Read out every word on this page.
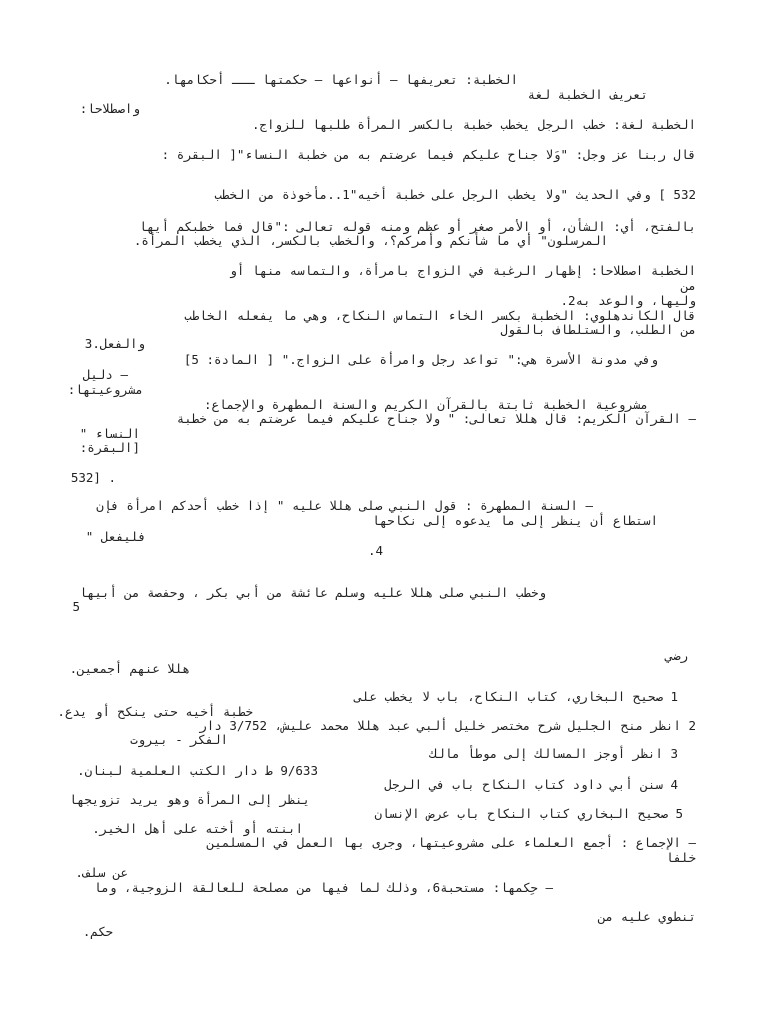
الخطبة: تعريفها – أنواعها – حكمتها ـــ أحكامها.
تعريف الخطبة لغة
واصطلاحا:
الخطبة لغة: خطب الرجل يخطب خطبة بالكسر المرأة طلبها للزواج.
قال ربنا عز وجل: "وَلا جناح عليكم فيما عرضتم به من خطبة النساء"[ البقرة :
532 ] وفي الحديث "ولا يخطب الرجل على خطبة أخيه"1..مأخوذة من الخطب
بالفتح، أي: الشأن، أو الأمر صغر أو عظم ومنه قوله تعالى :"قال فما خطبكم أيها
المرسلون" أي ما شأنكم وأمركم؟، والخطب بالكسر، الذي يخطب المرأة.
الخطبة اصطلاحا: إظهار الرغبة في الزواج بامرأة، والتماسه منها أو
من
وليها، والوعد به2.
قال الكاندهلوي: الخطبة بكسر الخاء التماس النكاح، وهي ما يفعله الخاطب
من الطلب، والستلطاف بالقول
والفعل.3
وفي مدونة الأسرة هي:" تواعد رجل وامرأة على الزواج." [ المادة: 5]
– دليل
مشروعيتها:
مشروعية الخطبة ثابتة بالقرآن الكريم والسنة المطهرة والإجماع:
– القرآن الكريم: قال هللا تعالى: " ولا جناح عليكم فيما عرضتم به من خطبة
النساء "
[البقرة:
532] .
– السنة المطهرة : قول النبي صلى هللا عليه " إذا خطب أحدكم امرأة فإن
استطاع أن ينظر إلى ما يدعوه إلى نكاحها
فليفعل "
.4
وخطب النبي صلى هللا عليه وسلم عائشة من أبي بكر ، وحفصة من أبيها
5
رضي
هللا عنهم أجمعين.
1 صحيح البخاري، كتاب النكاح، باب لا يخطب على
خطبة أخيه حتى ينكح أو يدع.
2 انظر منح الجليل شرح مختصر خليل ألبي عبد هللا محمد عليش، 3/752 دار
الفكر - بيروت
3 انظر أوجز المسالك إلى موطأ مالك
9/633 ط دار الكتب العلمية لبنان.
4 سنن أبي داود كتاب النكاح باب في الرجل
ينظر إلى المرأة وهو يريد تزويجها
5 صحيح البخاري كتاب النكاح باب عرض الإنسان
ابنته أو أخته على أهل الخير.
– الإجماع : أجمع العلماء على مشروعيتها، وجرى بها العمل في المسلمين
خلفا
عن سلف.
– حِكمها: مستحبة6، وذلك لما فيها من مصلحة للعالقة الزوجية، وما
تنطوي عليه من
حكم.
